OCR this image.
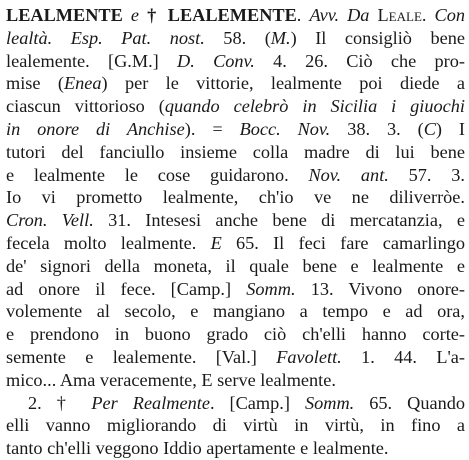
LEALMENTE e † LEALEMENTE. Avv. Da Leale. Con
lealtà. Esp. Pat. nost. 58. (M.) Il consigliò bene
lealemente. [G.M.] D. Conv. 4. 26. Ciò che pro-
mise (Enea) per le vittorie, lealmente poi diede a
ciascun vittorioso (quando celebrò in Sicilia i giuochi
in onore di Anchise). = Bocc. Nov. 38. 3. (C) I
tutori del fanciullo insieme colla madre di lui bene
e lealmente le cose guidarono. Nov. ant. 57. 3.
Io vi prometto lealmente, ch'io ve ne diliverròe.
Cron. Vell. 31. Intesesi anche bene di mercatanzia, e
fecela molto lealmente. E 65. Il feci fare camarlingo
de' signori della moneta, il quale bene e lealmente e
ad onore il fece. [Camp.] Somm. 13. Vivono onore-
volemente al secolo, e mangiano a tempo e ad ora,
e prendono in buono grado ciò ch'elli hanno corte-
semente e lealemente. [Val.] Favolett. 1. 44. L'a-
mico... Ama veracemente, E serve lealmente.
2. † Per Realmente. [Camp.] Somm. 65. Quando
elli vanno migliorando di virtù in virtù, in fino a
tanto ch'elli veggono Iddio apertamente e lealmente.
